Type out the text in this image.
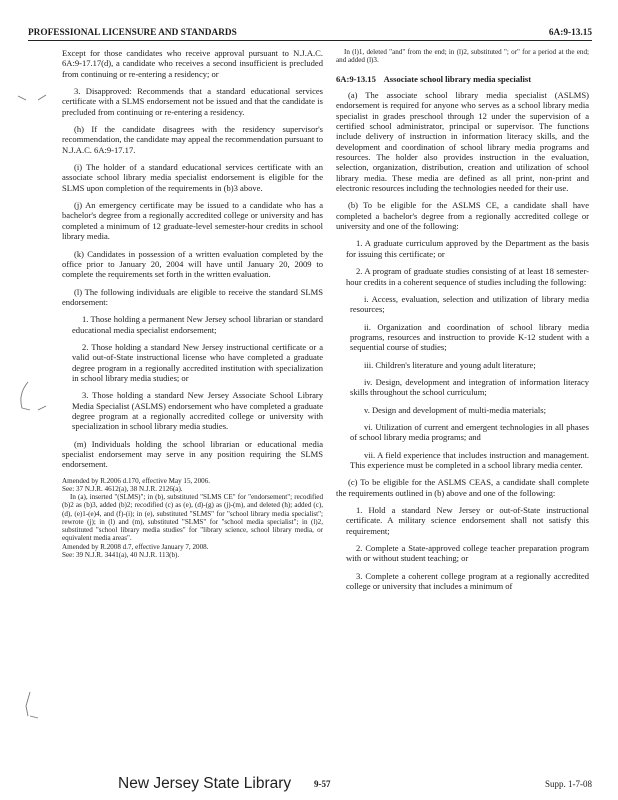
PROFESSIONAL LICENSURE AND STANDARDS	6A:9-13.15

Except for those candidates who receive approval pursuant to N.J.A.C. 6A:9-17.17(d), a candidate who receives a second insufficient is precluded from continuing or re-entering a residency; or

3. Disapproved: Recommends that a standard educational services certificate with a SLMS endorsement not be issued and that the candidate is precluded from continuing or re-entering a residency.

(h) If the candidate disagrees with the residency supervisor's recommendation, the candidate may appeal the recommendation pursuant to N.J.A.C. 6A:9-17.17.

(i) The holder of a standard educational services certificate with an associate school library media specialist endorsement is eligible for the SLMS upon completion of the requirements in (b)3 above.

(j) An emergency certificate may be issued to a candidate who has a bachelor's degree from a regionally accredited college or university and has completed a minimum of 12 graduate-level semester-hour credits in school library media.

(k) Candidates in possession of a written evaluation completed by the office prior to January 20, 2004 will have until January 20, 2009 to complete the requirements set forth in the written evaluation.

(l) The following individuals are eligible to receive the standard SLMS endorsement:

1. Those holding a permanent New Jersey school librarian or standard educational media specialist endorsement;

2. Those holding a standard New Jersey instructional certificate or a valid out-of-State instructional license who have completed a graduate degree program in a regionally accredited institution with specialization in school library media studies; or

3. Those holding a standard New Jersey Associate School Library Media Specialist (ASLMS) endorsement who have completed a graduate degree program at a regionally accredited college or university with specialization in school library media studies.

(m) Individuals holding the school librarian or educational media specialist endorsement may serve in any position requiring the SLMS endorsement.

Amended by R.2006 d.170, effective May 15, 2006.

See: 37 N.J.R. 4612(a), 38 N.J.R. 2126(a).

In (a), inserted "(SLMS)"; in (b), substituted "SLMS CE" for "endorsement"; recodified (b)2 as (b)3, added (b)2; recodified (c) as (e), (d)-(g) as (j)-(m), and deleted (h); added (c), (d), (e)1-(e)4, and (f)-(i); in (e), substituted "SLMS" for "school library media specialist"; rewrote (j); in (l) and (m), substituted "SLMS" for "school media specialist"; in (l)2, substituted "school library media studies" for "library science, school library media, or equivalent media areas".

Amended by R.2008 d.7, effective January 7, 2008.

See: 39 N.J.R. 3441(a), 40 N.J.R. 113(b).

In (l)1, deleted "and" from the end; in (l)2, substituted "; or" for a period at the end; and added (l)3.

6A:9-13.15 Associate school library media specialist

(a) The associate school library media specialist (ASLMS) endorsement is required for anyone who serves as a school library media specialist in grades preschool through 12 under the supervision of a certified school administrator, principal or supervisor. The functions include delivery of instruction in information literacy skills, and the development and coordination of school library media programs and resources. The holder also provides instruction in the evaluation, selection, organization, distribution, creation and utilization of school library media. These media are defined as all print, non-print and electronic resources including the technologies needed for their use.

(b) To be eligible for the ASLMS CE, a candidate shall have completed a bachelor's degree from a regionally accredited college or university and one of the following:

1. A graduate curriculum approved by the Department as the basis for issuing this certificate; or

2. A program of graduate studies consisting of at least 18 semester-hour credits in a coherent sequence of studies including the following:

i. Access, evaluation, selection and utilization of library media resources;

ii. Organization and coordination of school library media programs, resources and instruction to provide K-12 student with a sequential course of studies;

iii. Children's literature and young adult literature;

iv. Design, development and integration of information literacy skills throughout the school curriculum;

v. Design and development of multi-media materials;

vi. Utilization of current and emergent technologies in all phases of school library media programs; and

vii. A field experience that includes instruction and management. This experience must be completed in a school library media center.

(c) To be eligible for the ASLMS CEAS, a candidate shall complete the requirements outlined in (b) above and one of the following:

1. Hold a standard New Jersey or out-of-State instructional certificate. A military science endorsement shall not satisfy this requirement;

2. Complete a State-approved college teacher preparation program with or without student teaching; or

3. Complete a coherent college program at a regionally accredited college or university that includes a minimum of

New Jersey State Library	9-57	Supp. 1-7-08
